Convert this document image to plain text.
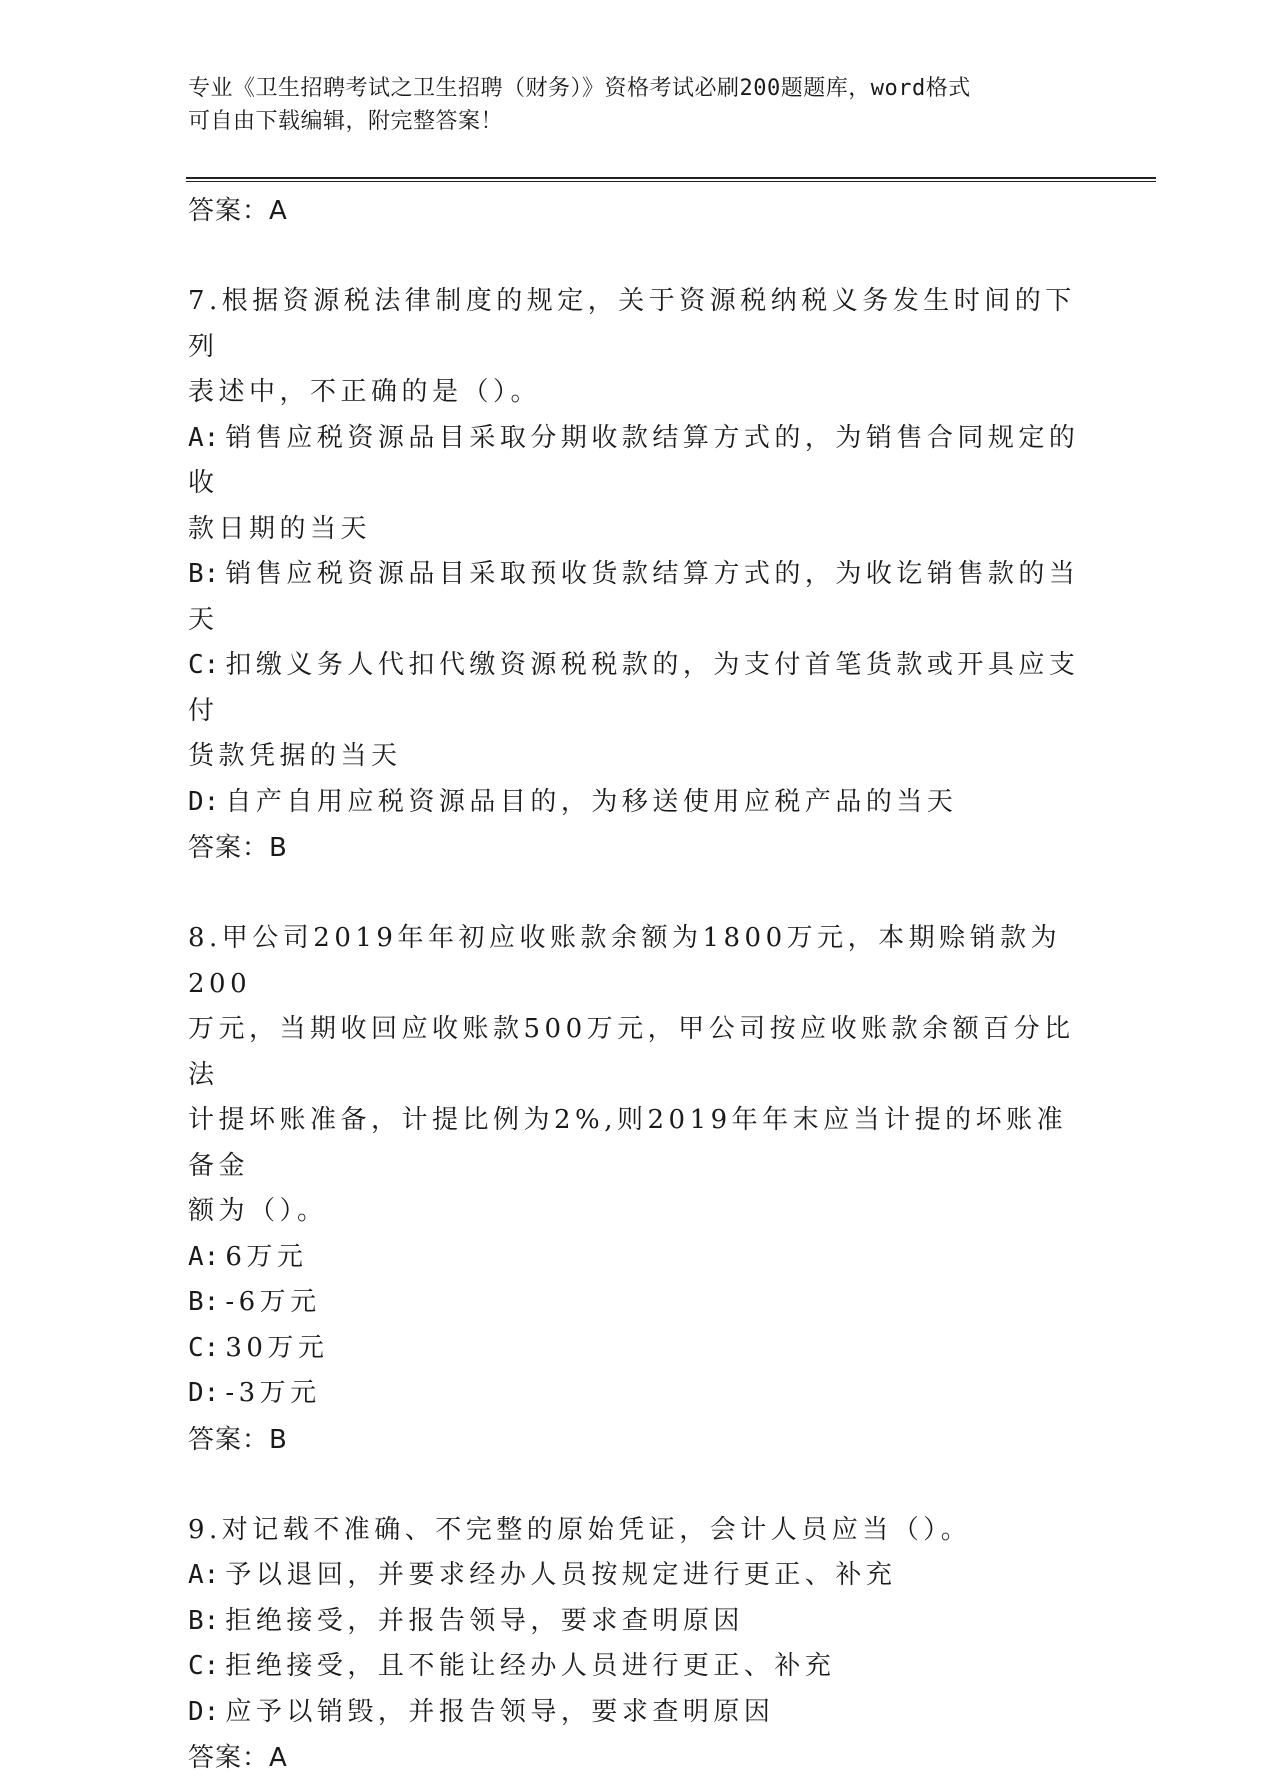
专业《卫生招聘考试之卫生招聘（财务）》资格考试必刷200题题库，word格式
可自由下载编辑，附完整答案！
答案：A
7.根据资源税法律制度的规定，关于资源税纳税义务发生时间的下列
表述中，不正确的是（）。
A: 销售应税资源品目采取分期收款结算方式的，为销售合同规定的收
款日期的当天
B: 销售应税资源品目采取预收货款结算方式的，为收讫销售款的当天
C: 扣缴义务人代扣代缴资源税税款的，为支付首笔货款或开具应支付
货款凭据的当天
D: 自产自用应税资源品目的，为移送使用应税产品的当天
答案：B
8.甲公司2019年年初应收账款余额为1800万元，本期赊销款为200
万元，当期收回应收账款500万元，甲公司按应收账款余额百分比法
计提坏账准备，计提比例为2%,则2019年年末应当计提的坏账准备金
额为（）。
A: 6万元
B: -6万元
C: 30万元
D: -3万元
答案：B
9.对记载不准确、不完整的原始凭证，会计人员应当（）。
A: 予以退回，并要求经办人员按规定进行更正、补充
B: 拒绝接受，并报告领导，要求查明原因
C: 拒绝接受，且不能让经办人员进行更正、补充
D: 应予以销毁，并报告领导，要求查明原因
答案：A
